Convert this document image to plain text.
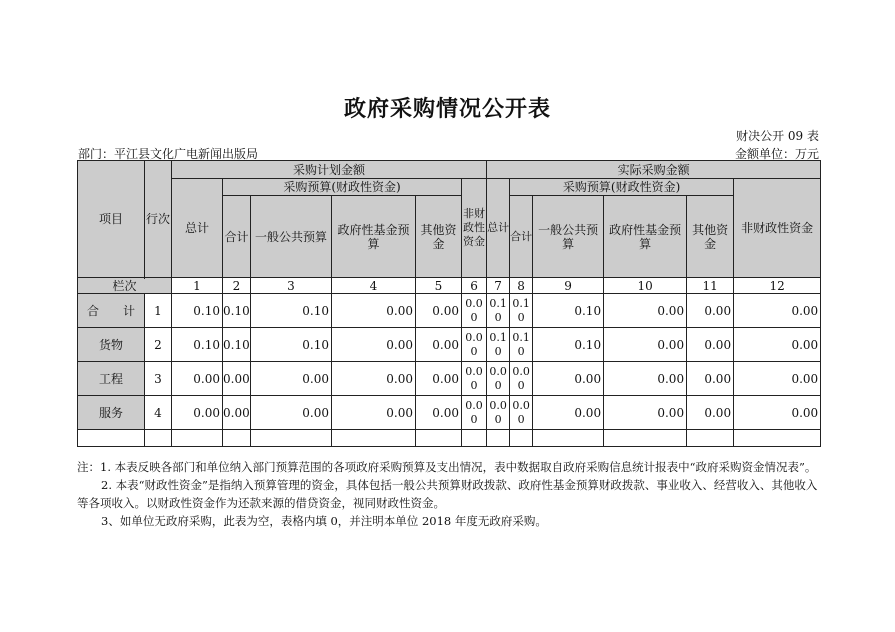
政府采购情况公开表
财决公开 09 表
部门：平江县文化广电新闻出版局	金额单位：万元
项目	行次	采购计划金额						实际采购金额					
		总计	采购预算(财政性资金)				非财政性资金	总计	采购预算(财政性资金)				非财政性资金
			合计	一般公共预算	政府性基金预算	其他资金			合计	一般公共预算	政府性基金预算	其他资金	

栏次		1	2	3	4	5	6	7	8	9	10	11	12
合　　计	1	0.10	0.10	0.10	0.00	0.00	0.00	0.10	0.10	0.10	0.00	0.00	0.00
货物	2	0.10	0.10	0.10	0.00	0.00	0.00	0.10	0.10	0.10	0.00	0.00	0.00
工程	3	0.00	0.00	0.00	0.00	0.00	0.00	0.00	0.00	0.00	0.00	0.00	0.00
服务	4	0.00	0.00	0.00	0.00	0.00	0.00	0.00	0.00	0.00	0.00	0.00	0.00

注：1. 本表反映各部门和单位纳入部门预算范围的各项政府采购预算及支出情况，表中数据取自政府采购信息统计报表中“政府采购资金情况表”。

2. 本表“财政性资金”是指纳入预算管理的资金，具体包括一般公共预算财政拨款、政府性基金预算财政拨款、事业收入、经营收入、其他收入等各项收入。以财政性资金作为还款来源的借贷资金，视同财政性资金。

3、如单位无政府采购，此表为空，表格内填 0，并注明本单位 2018 年度无政府采购。
